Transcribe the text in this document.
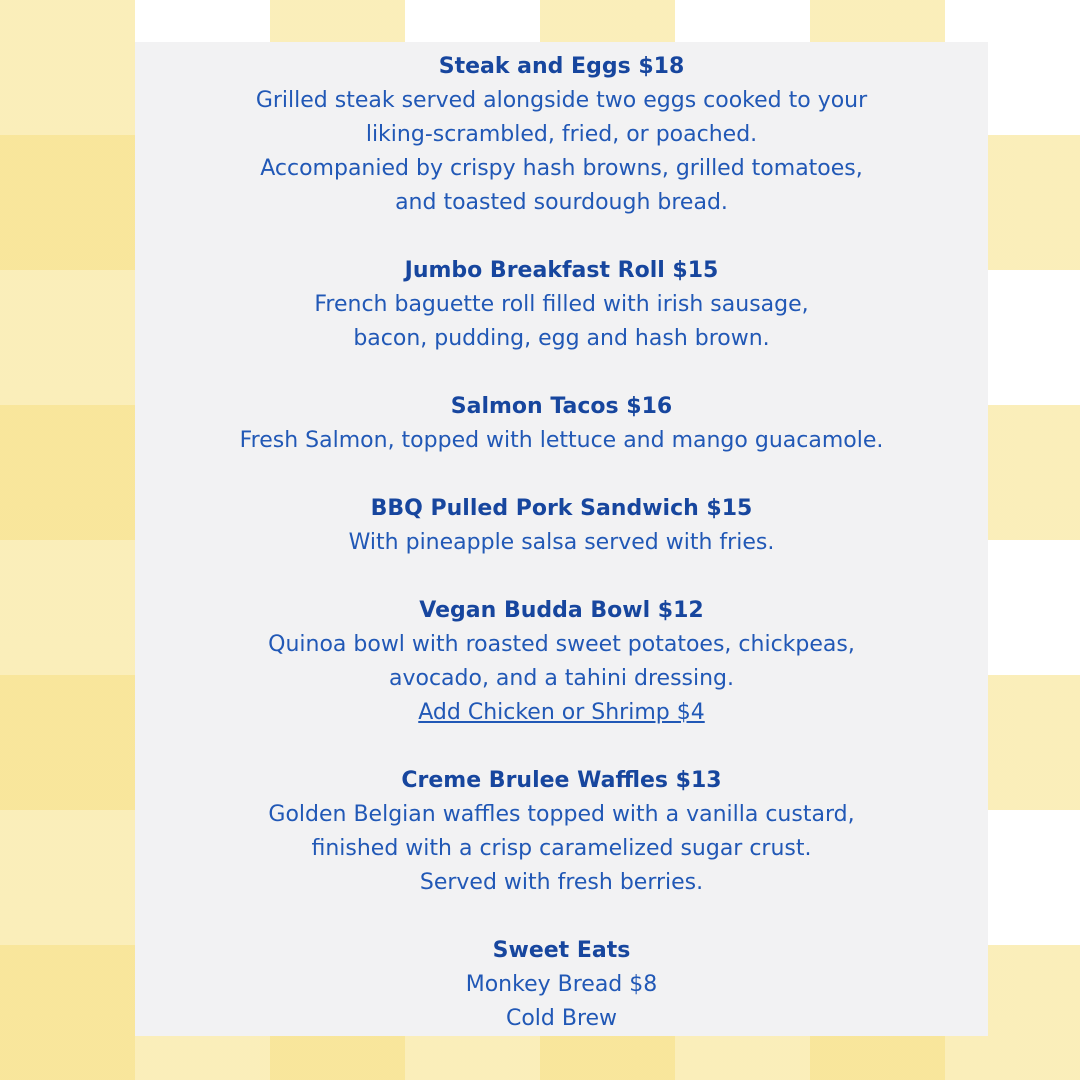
Steak and Eggs $18
Grilled steak served alongside two eggs cooked to your
liking-scrambled, fried, or poached.
Accompanied by crispy hash browns, grilled tomatoes,
and toasted sourdough bread.
Jumbo Breakfast Roll $15
French baguette roll filled with irish sausage,
bacon, pudding, egg and hash brown.
Salmon Tacos $16
Fresh Salmon, topped with lettuce and mango guacamole.
BBQ Pulled Pork Sandwich $15
With pineapple salsa served with fries.
Vegan Budda Bowl $12
Quinoa bowl with roasted sweet potatoes, chickpeas,
avocado, and a tahini dressing.
Add Chicken or Shrimp $4
Creme Brulee Waffles $13
Golden Belgian waffles topped with a vanilla custard,
finished with a crisp caramelized sugar crust.
Served with fresh berries.
Sweet Eats
Monkey Bread $8
Cold Brew
